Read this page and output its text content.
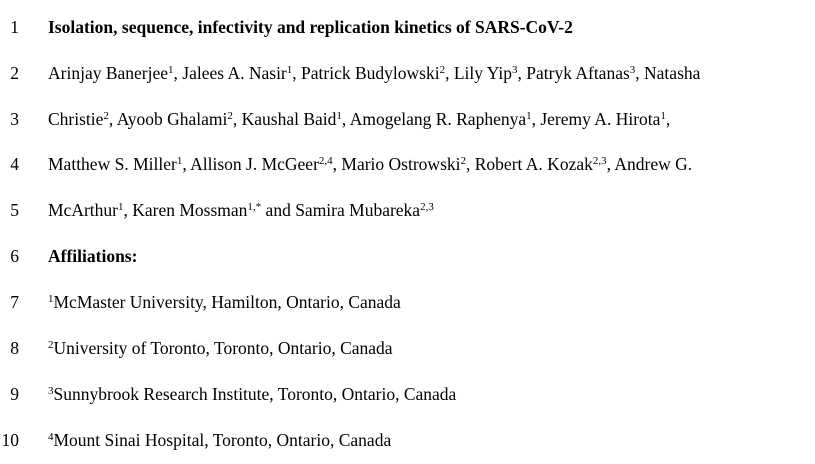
1 Isolation, sequence, infectivity and replication kinetics of SARS-CoV-2
2 Arinjay Banerjee$^1$, Jalees A. Nasir$^1$, Patrick Budylowski$^2$, Lily Yip$^3$, Patryk Aftanas$^3$, Natasha
3 Christie$^2$, Ayoob Ghalami$^2$, Kaushal Baid$^1$, Amogelang R. Raphenya$^1$, Jeremy A. Hirota$^1$,
4 Matthew S. Miller$^1$, Allison J. McGeer$^{2,4}$, Mario Ostrowski$^2$, Robert A. Kozak$^{2,3}$, Andrew G.
5 McArthur$^1$, Karen Mossman$^{1,*}$ and Samira Mubareka$^{2,3}$
6 Affiliations:
7	$^1$McMaster University, Hamilton, Ontario, Canada
8	$^2$University of Toronto, Toronto, Ontario, Canada
9	$^3$Sunnybrook Research Institute, Toronto, Ontario, Canada
10	$^4$Mount Sinai Hospital, Toronto, Ontario, Canada
